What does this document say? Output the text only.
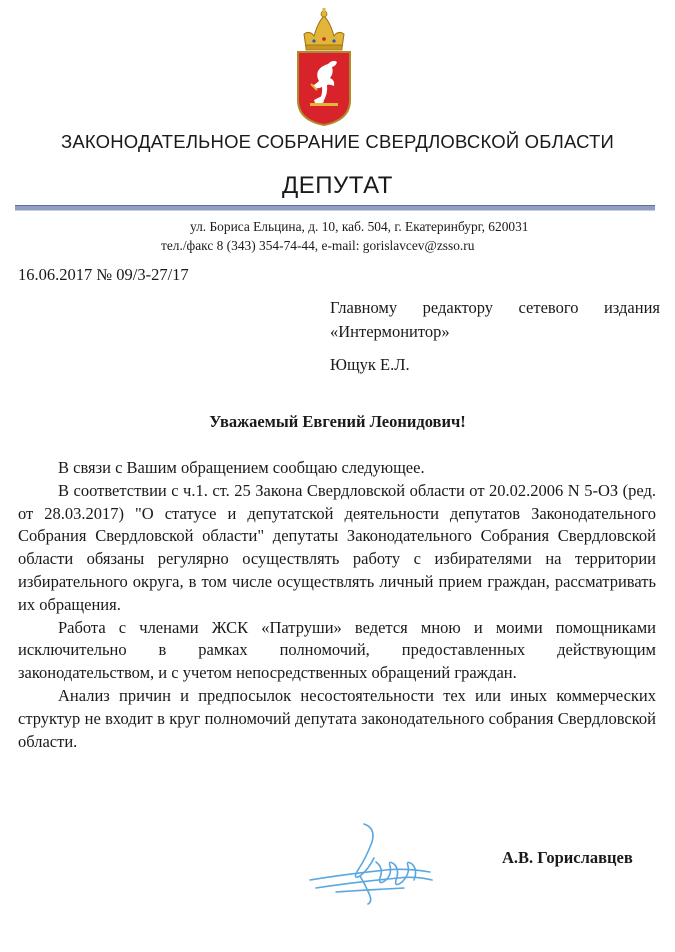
ЗАКОНОДАТЕЛЬНОЕ СОБРАНИЕ СВЕРДЛОВСКОЙ ОБЛАСТИ
ДЕПУТАТ
ул. Бориса Ельцина, д. 10, каб. 504, г. Екатеринбург, 620031
тел./факс 8 (343) 354-74-44, e-mail: gorislavcev@zsso.ru
16.06.2017 № 09/3-27/17
Главному редактору сетевого издания
«Интермонитор»
Ющук Е.Л.
Уважаемый Евгений Леонидович!

В связи с Вашим обращением сообщаю следующее.

В соответствии с ч.1. ст. 25 Закона Свердловской области от 20.02.2006 N 5-ОЗ (ред. от 28.03.2017) "О статусе и депутатской деятельности депутатов Законодательного Собрания Свердловской области" депутаты Законодательного Собрания Свердловской области обязаны регулярно осуществлять работу с избирателями на территории избирательного округа, в том числе осуществлять личный прием граждан, рассматривать их обращения.

Работа с членами ЖСК «Патруши» ведется мною и моими помощниками исключительно в рамках полномочий, предоставленных действующим законодательством, и с учетом непосредственных обращений граждан.

Анализ причин и предпосылок несостоятельности тех или иных коммерческих структур не входит в круг полномочий депутата законодательного собрания Свердловской области.

А.В. Гориславцев
